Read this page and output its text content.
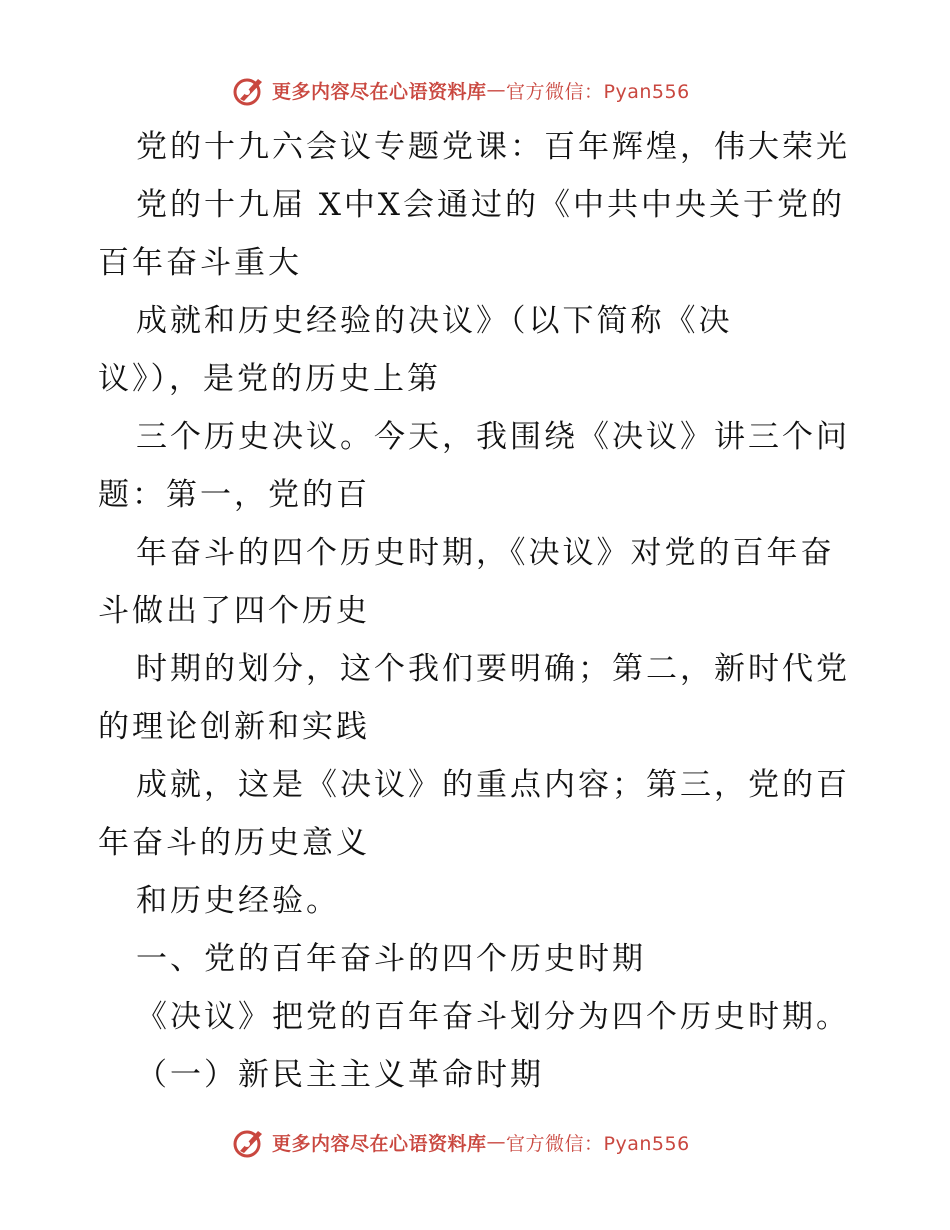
更多内容尽在心语资料库 — 官方微信：Pyan556
党的十九六会议专题党课：百年辉煌，伟大荣光
党的十九届 X中X会通过的《中共中央关于党的
百年奋斗重大
成就和历史经验的决议》（以下简称《决
议》），是党的历史上第
三个历史决议。今天，我围绕《决议》讲三个问
题：第一，党的百
年奋斗的四个历史时期，《决议》对党的百年奋
斗做出了四个历史
时期的划分，这个我们要明确；第二，新时代党
的理论创新和实践
成就，这是《决议》的重点内容；第三，党的百
年奋斗的历史意义
和历史经验。
一、党的百年奋斗的四个历史时期
《决议》把党的百年奋斗划分为四个历史时期。
（一）新民主主义革命时期
更多内容尽在心语资料库 — 官方微信：Pyan556
